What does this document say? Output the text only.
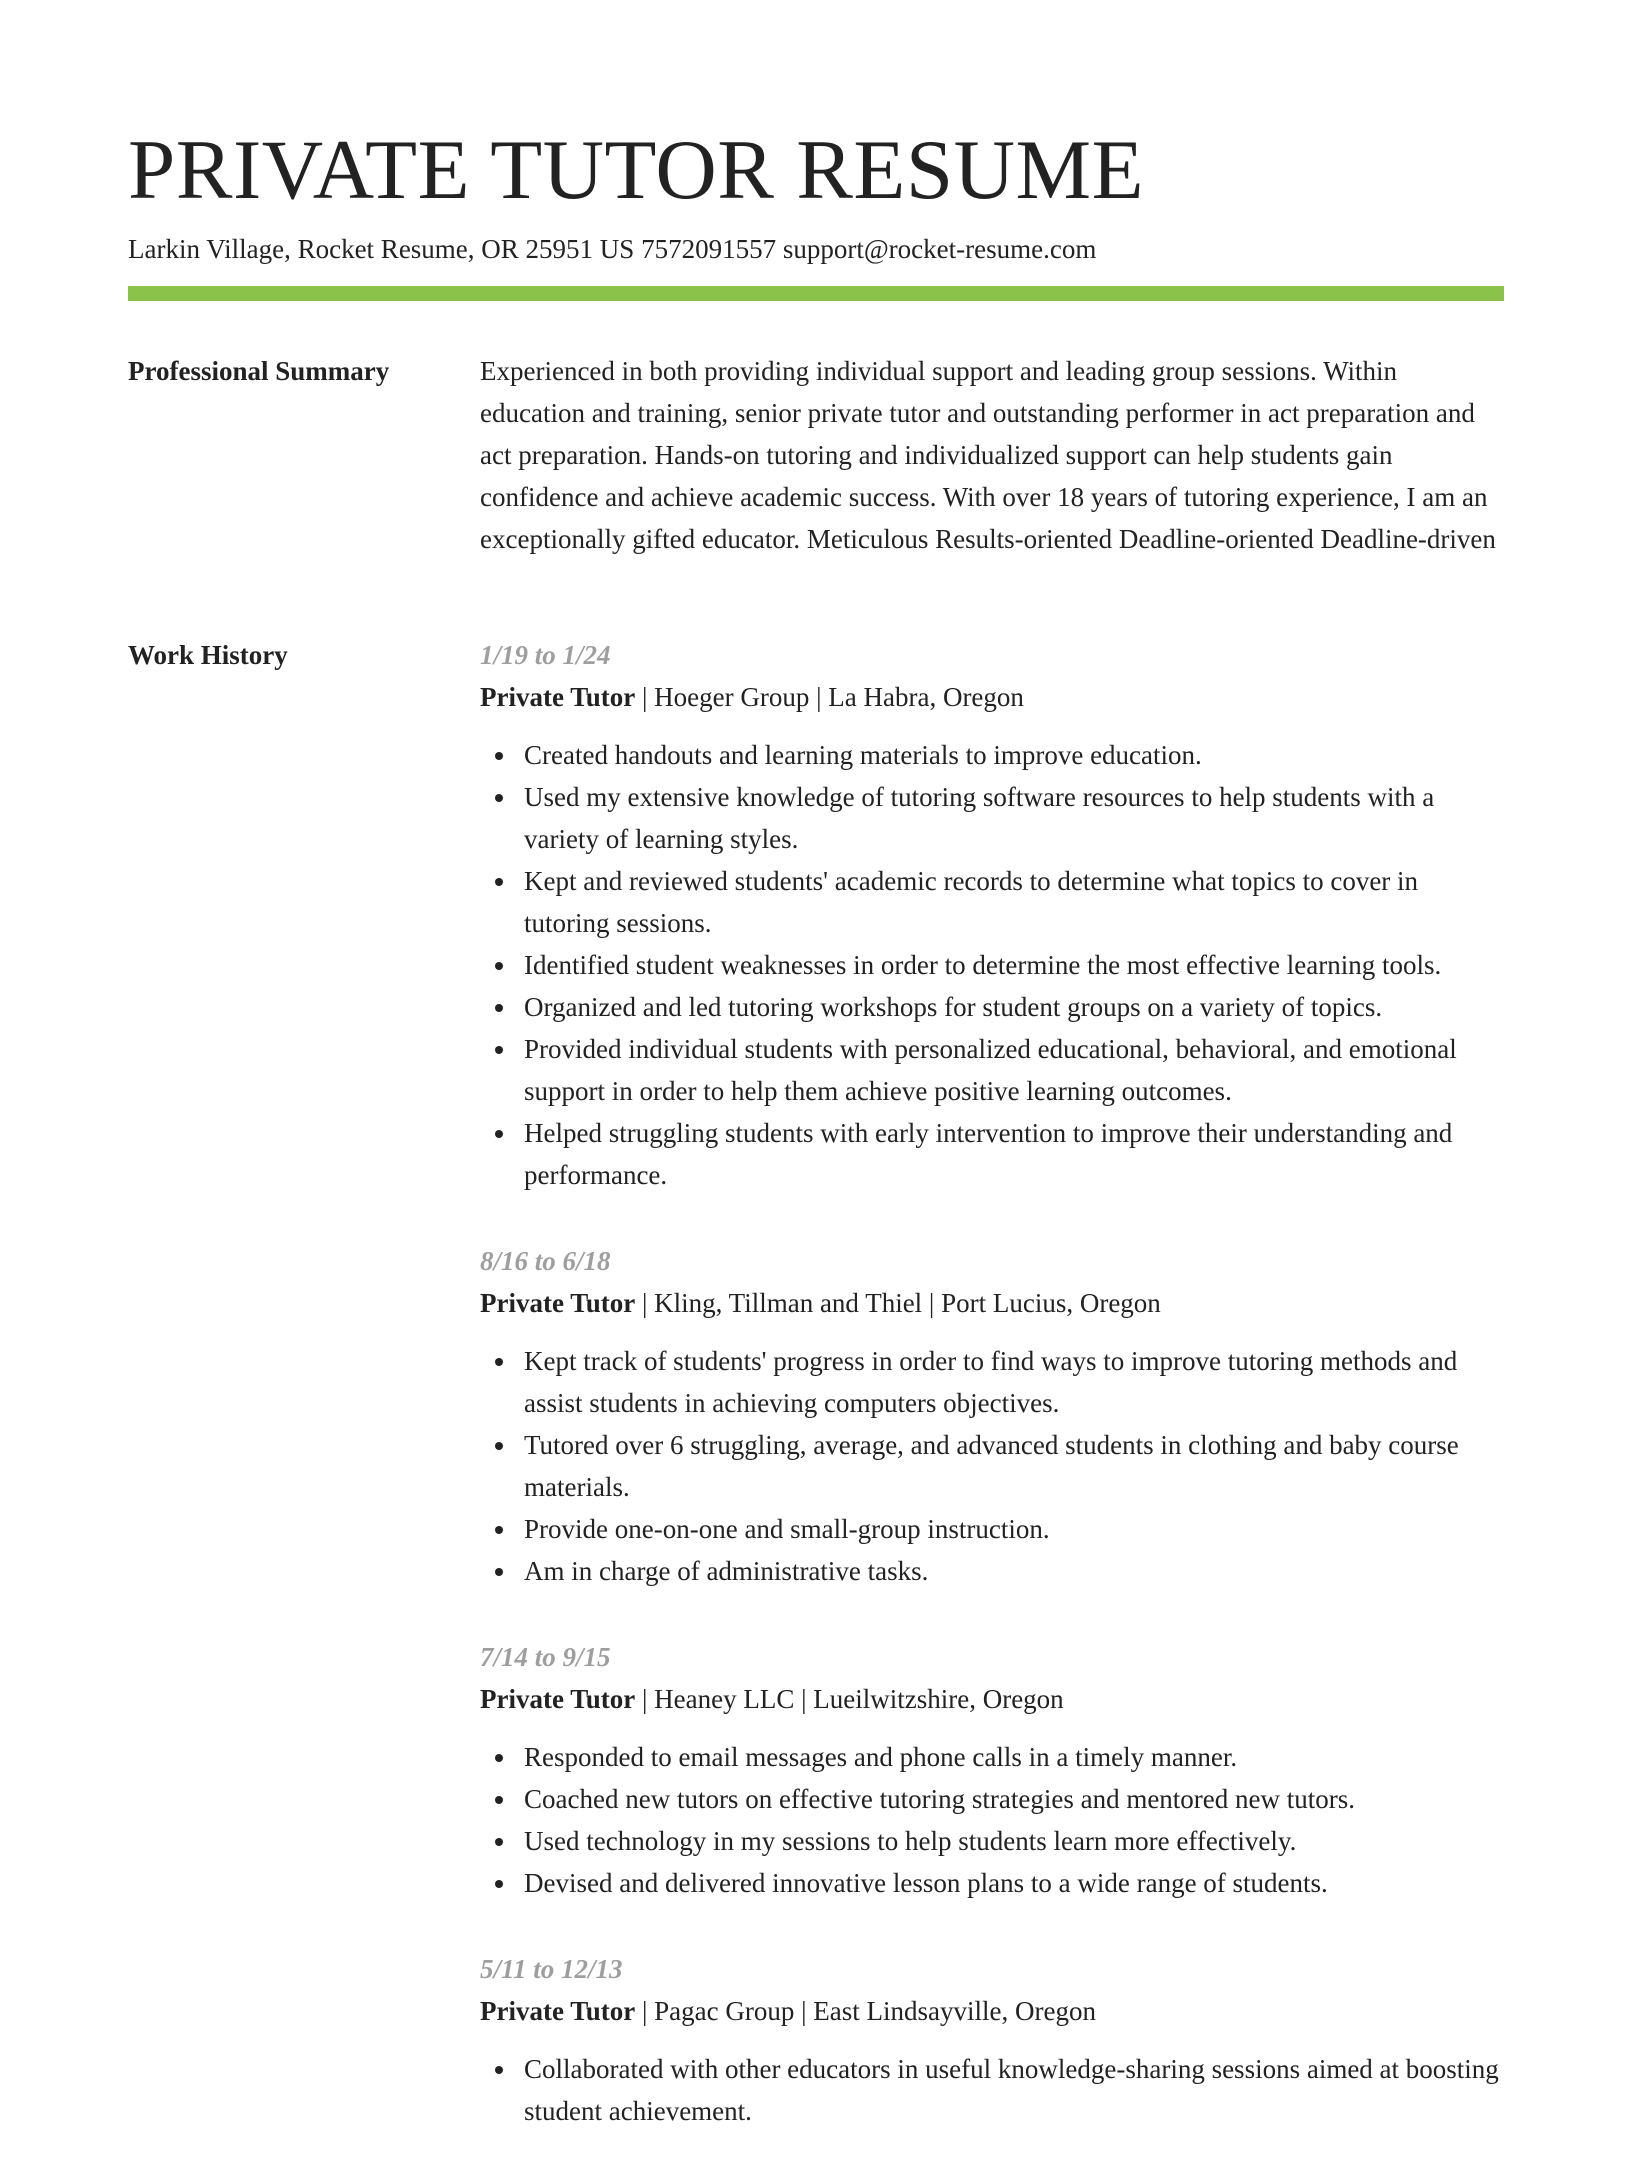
PRIVATE TUTOR RESUME
Larkin Village, Rocket Resume, OR 25951 US 7572091557 support@rocket-resume.com
Professional Summary	Experienced in both providing individual support and leading group sessions. Within education and training, senior private tutor and outstanding performer in act preparation and act preparation. Hands-on tutoring and individualized support can help students gain confidence and achieve academic success. With over 18 years of tutoring experience, I am an exceptionally gifted educator. Meticulous Results-oriented Deadline-oriented Deadline-driven

Work History	1/19 to 1/24
Private Tutor | Hoeger Group | La Habra, Oregon
Created handouts and learning materials to improve education.
Used my extensive knowledge of tutoring software resources to help students with a variety of learning styles.
Kept and reviewed students' academic records to determine what topics to cover in tutoring sessions.
Identified student weaknesses in order to determine the most effective learning tools.
Organized and led tutoring workshops for student groups on a variety of topics.
Provided individual students with personalized educational, behavioral, and emotional support in order to help them achieve positive learning outcomes.
Helped struggling students with early intervention to improve their understanding and performance.
8/16 to 6/18
Private Tutor | Kling, Tillman and Thiel | Port Lucius, Oregon
Kept track of students' progress in order to find ways to improve tutoring methods and assist students in achieving computers objectives.
Tutored over 6 struggling, average, and advanced students in clothing and baby course materials.
Provide one-on-one and small-group instruction.
Am in charge of administrative tasks.
7/14 to 9/15
Private Tutor | Heaney LLC | Lueilwitzshire, Oregon
Responded to email messages and phone calls in a timely manner.
Coached new tutors on effective tutoring strategies and mentored new tutors.
Used technology in my sessions to help students learn more effectively.
Devised and delivered innovative lesson plans to a wide range of students.
5/11 to 12/13
Private Tutor | Pagac Group | East Lindsayville, Oregon
Collaborated with other educators in useful knowledge-sharing sessions aimed at boosting student achievement.
